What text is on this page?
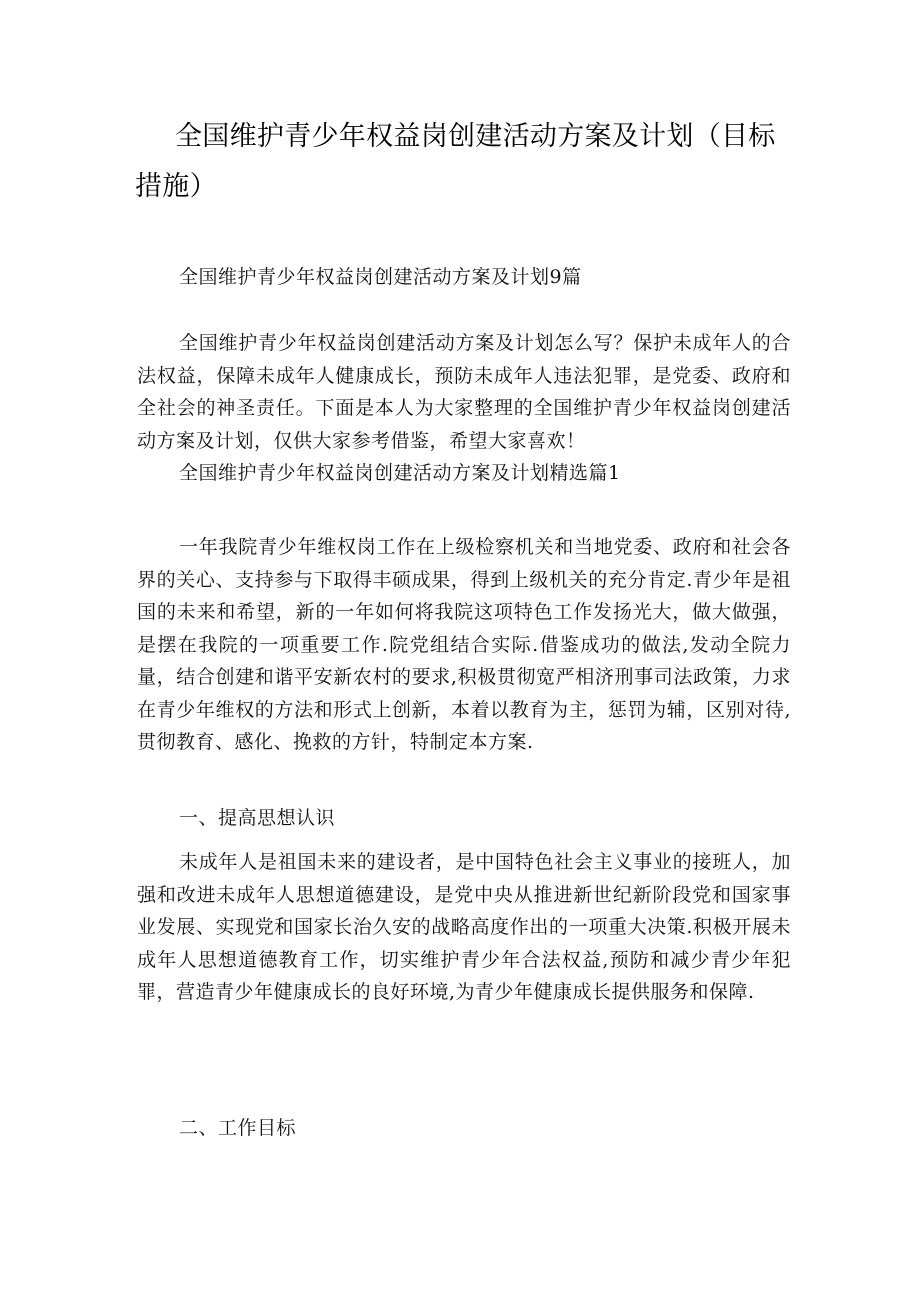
全国维护青少年权益岗创建活动方案及计划（目标措施）

全国维护青少年权益岗创建活动方案及计划9篇

全国维护青少年权益岗创建活动方案及计划怎么写？保护未成年人的合法权益，保障未成年人健康成长，预防未成年人违法犯罪，是党委、政府和全社会的神圣责任。下面是本人为大家整理的全国维护青少年权益岗创建活动方案及计划，仅供大家参考借鉴，希望大家喜欢！
全国维护青少年权益岗创建活动方案及计划精选篇1

一年我院青少年维权岗工作在上级检察机关和当地党委、政府和社会各界的关心、支持参与下取得丰硕成果，得到上级机关的充分肯定.青少年是祖国的未来和希望，新的一年如何将我院这项特色工作发扬光大，做大做强，是摆在我院的一项重要工作.院党组结合实际.借鉴成功的做法,发动全院力量，结合创建和谐平安新农村的要求,积极贯彻宽严相济刑事司法政策，力求在青少年维权的方法和形式上创新，本着以教育为主，惩罚为辅，区别对待,贯彻教育、感化、挽救的方针，特制定本方案.

一、提高思想认识

未成年人是祖国未来的建设者，是中国特色社会主义事业的接班人，加强和改进未成年人思想道德建设，是党中央从推进新世纪新阶段党和国家事业发展、实现党和国家长治久安的战略高度作出的一项重大决策.积极开展未成年人思想道德教育工作，切实维护青少年合法权益,预防和减少青少年犯罪，营造青少年健康成长的良好环境,为青少年健康成长提供服务和保障.

二、工作目标
